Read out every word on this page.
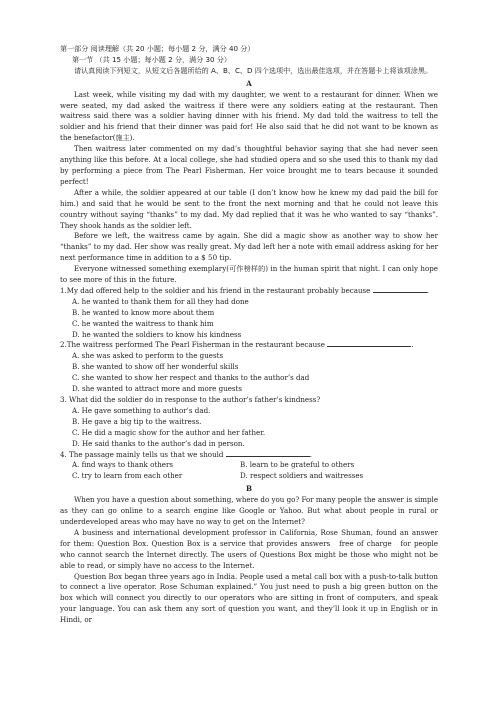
第一部分 阅读理解（共 20 小题；每小题 2 分，满分 40 分）

第一节 （共 15 小题；每小题 2 分，满分 30 分）

请认真阅读下列短文，从短文后各题所给的 A、B、C、D 四个选项中，选出最佳选项，并在答题卡上将该项涂黑。

A

Last week, while visiting my dad with my daughter, we went to a restaurant for dinner. When we were seated, my dad asked the waitress if there were any soldiers eating at the restaurant. Then waitress said there was a soldier having dinner with his friend. My dad told the waitress to tell the soldier and his friend that their dinner was paid for! He also said that he did not want to be known as the benefactor(施主).

Then waitress later commented on my dad’s thoughtful behavior saying that she had never seen anything like this before. At a local college, she had studied opera and so she used this to thank my dad by performing a piece from The Pearl Fisherman. Her voice brought me to tears because it sounded perfect!

After a while, the soldier appeared at our table (I don’t know how he knew my dad paid the bill for him.) and said that he would be sent to the front the next morning and that he could not leave this country without saying “thanks” to my dad. My dad replied that it was he who wanted to say “thanks”. They shook hands as the soldier left.

Before we left, the waitress came by again. She did a magic show as another way to show her “thanks” to my dad. Her show was really great. My dad left her a note with email address asking for her next performance time in addition to a $ 50 tip.

Everyone witnessed something exemplary(可作榜样的) in the human spirit that night. I can only hope to see more of this in the future.

1.My dad offered help to the soldier and his friend in the restaurant probably because	.

A. he wanted to thank them for all they had done

B. he wanted to know more about them

C. he wanted the waitress to thank him

D. he wanted the soldiers to know his kindness

2.The waitress performed The Pearl Fisherman in the restaurant because	.

A. she was asked to perform to the guests

B. she wanted to show off her wonderful skills

C. she wanted to show her respect and thanks to the author’s dad

D. she wanted to attract more and more guests

3. What did the soldier do in response to the author’s father’s kindness?

A. He gave something to author’s dad.

B. He gave a big tip to the waitress.

C. He did a magic show for the author and her father.

D. He said thanks to the author’s dad in person.

4. The passage mainly tells us that we should	.

A. find ways to thank others	B. learn to be grateful to others
C. try to learn from each other	D. respect soldiers and waitresses

B

When you have a question about something, where do you go? For many people the answer is simple as they can go online to a search engine like Google or Yahoo. But what about people in rural or underdeveloped areas who may have no way to get on the Internet?

A business and international development professor in California, Rose Shuman, found an answer for them: Question Box. Question Box is a service that provides answers　free of charge　for people who cannot search the Internet directly. The users of Questions Box might be those who might not be able to read, or simply have no access to the Internet.

Question Box began three years ago in India. People used a metal call box with a push-to-talk button to connect a live operator. Rose Schuman explained.” You just need to push a big green button on the box which will connect you directly to our operators who are sitting in front of computers, and speak your language. You can ask them any sort of question you want, and they’ll look it up in English or in Hindi, or
